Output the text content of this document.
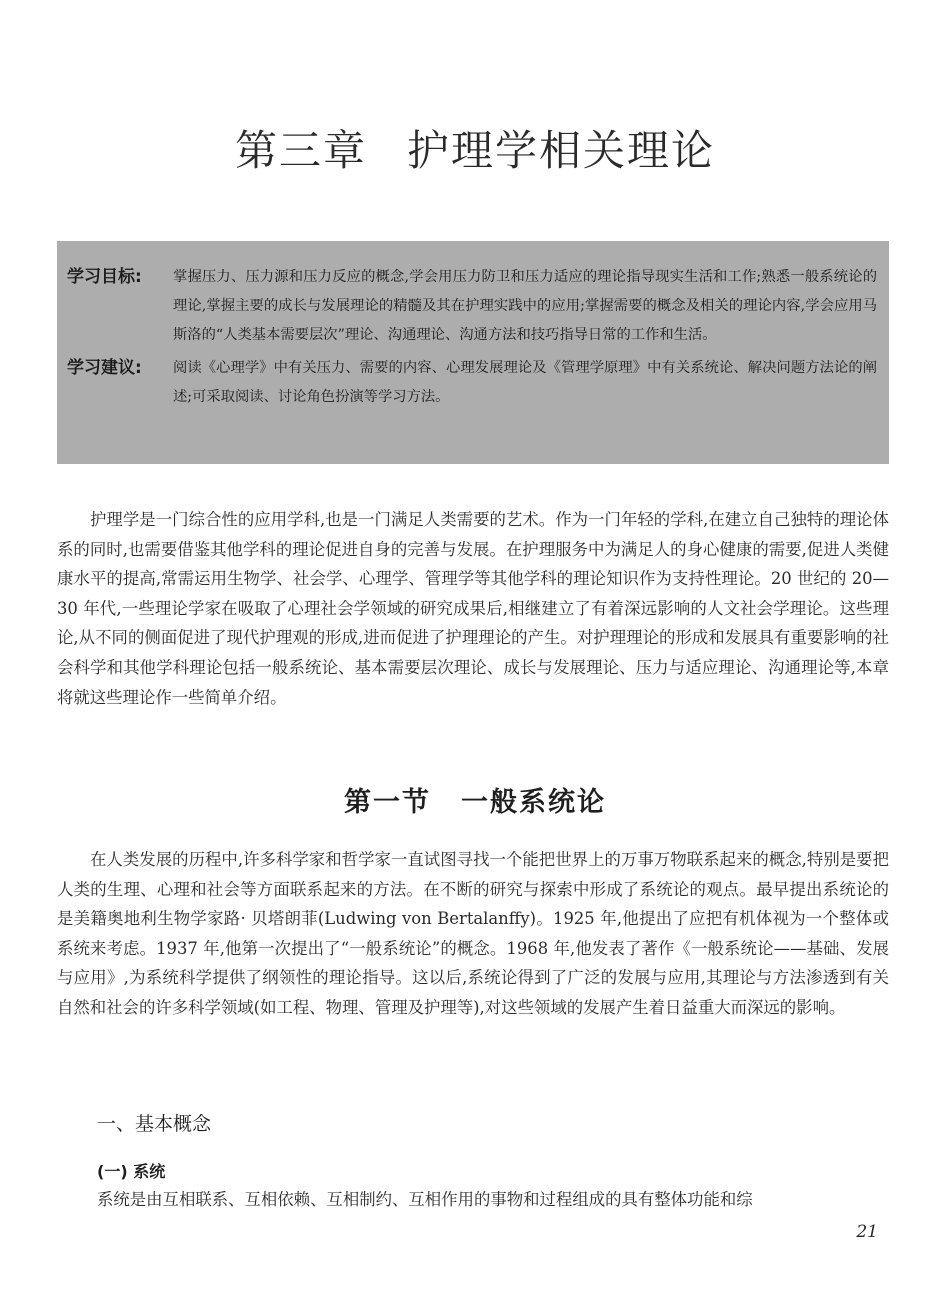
第三章 护理学相关理论
学习目标:	掌握压力、压力源和压力反应的概念,学会用压力防卫和压力适应的理论指导现实生活和工作;熟悉一般系统论的理论,掌握主要的成长与发展理论的精髓及其在护理实践中的应用;掌握需要的概念及相关的理论内容,学会应用马斯洛的“人类基本需要层次”理论、沟通理论、沟通方法和技巧指导日常的工作和生活。
学习建议:	阅读《心理学》中有关压力、需要的内容、心理发展理论及《管理学原理》中有关系统论、解决问题方法论的阐述;可采取阅读、讨论角色扮演等学习方法。

护理学是一门综合性的应用学科,也是一门满足人类需要的艺术。作为一门年轻的学科,在建立自己独特的理论体系的同时,也需要借鉴其他学科的理论促进自身的完善与发展。在护理服务中为满足人的身心健康的需要,促进人类健康水平的提高,常需运用生物学、社会学、心理学、管理学等其他学科的理论知识作为支持性理论。20 世纪的 20—30 年代,一些理论学家在吸取了心理社会学领域的研究成果后,相继建立了有着深远影响的人文社会学理论。这些理论,从不同的侧面促进了现代护理观的形成,进而促进了护理理论的产生。对护理理论的形成和发展具有重要影响的社会科学和其他学科理论包括一般系统论、基本需要层次理论、成长与发展理论、压力与适应理论、沟通理论等,本章将就这些理论作一些简单介绍。

第一节 一般系统论

在人类发展的历程中,许多科学家和哲学家一直试图寻找一个能把世界上的万事万物联系起来的概念,特别是要把人类的生理、心理和社会等方面联系起来的方法。在不断的研究与探索中形成了系统论的观点。最早提出系统论的是美籍奥地利生物学家路· 贝塔朗菲(Ludwing von Bertalanffy)。1925 年,他提出了应把有机体视为一个整体或系统来考虑。1937 年,他第一次提出了“一般系统论”的概念。1968 年,他发表了著作《一般系统论——基础、发展与应用》,为系统科学提供了纲领性的理论指导。这以后,系统论得到了广泛的发展与应用,其理论与方法渗透到有关自然和社会的许多科学领域(如工程、物理、管理及护理等),对这些领域的发展产生着日益重大而深远的影响。

一、基本概念
(一) 系统

系统是由互相联系、互相依赖、互相制约、互相作用的事物和过程组成的具有整体功能和综

21
